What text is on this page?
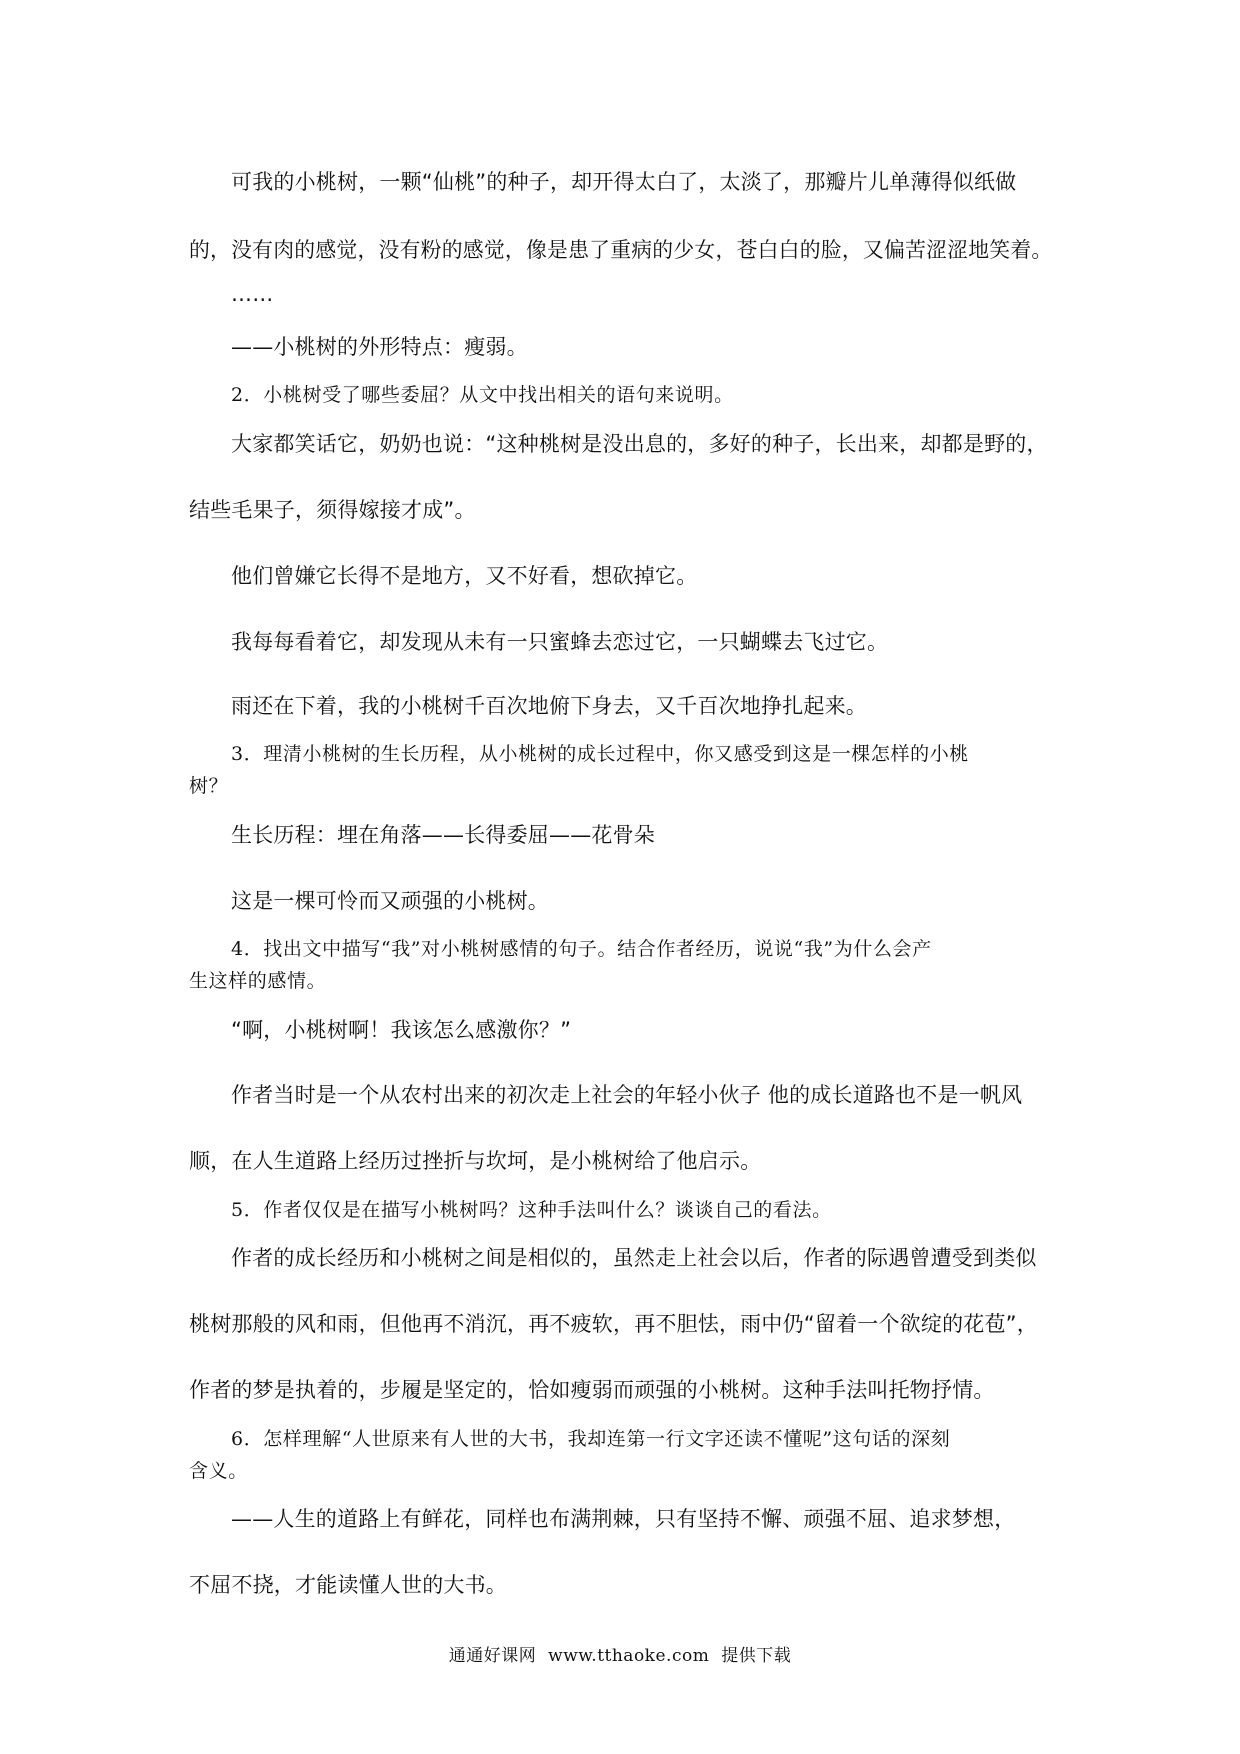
可我的小桃树，一颗“仙桃”的种子，却开得太白了，太淡了，那瓣片儿单薄得似纸做
的，没有肉的感觉，没有粉的感觉，像是患了重病的少女，苍白白的脸，又偏苦涩涩地笑着。
……
——小桃树的外形特点：瘦弱。
2．小桃树受了哪些委屈？从文中找出相关的语句来说明。
大家都笑话它，奶奶也说：“这种桃树是没出息的，多好的种子，长出来，却都是野的，
结些毛果子，须得嫁接才成”。
他们曾嫌它长得不是地方，又不好看，想砍掉它。
我每每看着它，却发现从未有一只蜜蜂去恋过它，一只蝴蝶去飞过它。
雨还在下着，我的小桃树千百次地俯下身去，又千百次地挣扎起来。
3．理清小桃树的生长历程，从小桃树的成长过程中，你又感受到这是一棵怎样的小桃
树？
生长历程：埋在角落——长得委屈——花骨朵
这是一棵可怜而又顽强的小桃树。
4．找出文中描写“我”对小桃树感情的句子。结合作者经历，说说“我”为什么会产
生这样的感情。
“啊，小桃树啊！我该怎么感激你？”
作者当时是一个从农村出来的初次走上社会的年轻小伙子 他的成长道路也不是一帆风
顺，在人生道路上经历过挫折与坎坷，是小桃树给了他启示。
5．作者仅仅是在描写小桃树吗？这种手法叫什么？谈谈自己的看法。
作者的成长经历和小桃树之间是相似的，虽然走上社会以后，作者的际遇曾遭受到类似
桃树那般的风和雨，但他再不消沉，再不疲软，再不胆怯，雨中仍“留着一个欲绽的花苞”，
作者的梦是执着的，步履是坚定的，恰如瘦弱而顽强的小桃树。这种手法叫托物抒情。
6．怎样理解“人世原来有人世的大书，我却连第一行文字还读不懂呢”这句话的深刻
含义。
——人生的道路上有鲜花，同样也布满荆棘，只有坚持不懈、顽强不屈、追求梦想，
不屈不挠，才能读懂人世的大书。
通通好课网 www.tthaoke.com 提供下载
